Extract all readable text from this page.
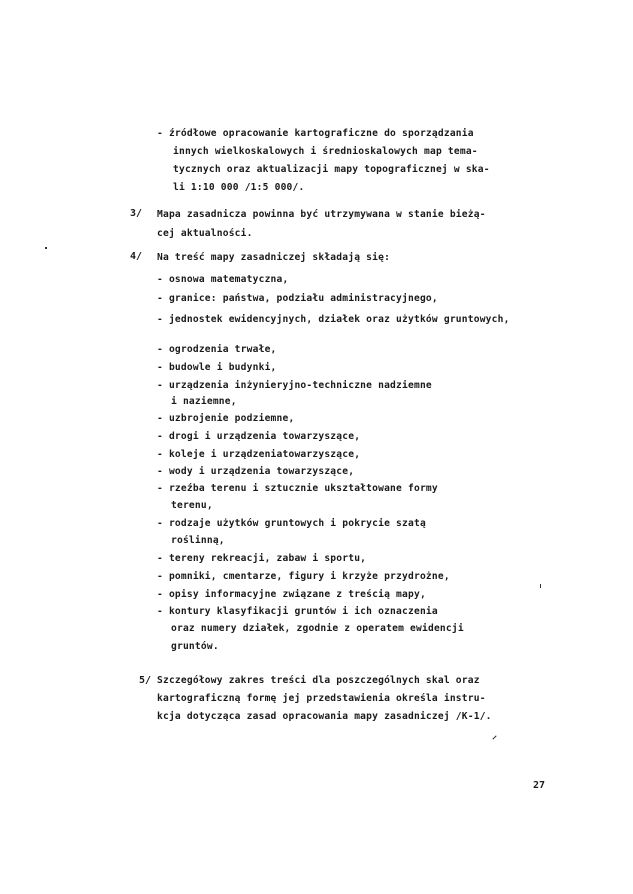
- źródłowe opracowanie kartograficzne do sporządzania
innych wielkoskalowych i średnioskalowych map tema-
tycznych oraz aktualizacji mapy topograficznej w ska-
li 1:10 000 /1:5 000/.
3/ Mapa zasadnicza powinna być utrzymywana w stanie bieżą-
cej aktualności.
4/ Na treść mapy zasadniczej składają się:
- osnowa matematyczna,
- granice: państwa, podziału administracyjnego,
- jednostek ewidencyjnych, działek oraz użytków gruntowych,
- ogrodzenia trwałe,
- budowle i budynki,
- urządzenia inżynieryjno-techniczne nadziemne
i naziemne,
- uzbrojenie podziemne,
- drogi i urządzenia towarzyszące,
- koleje i urządzeniatowarzyszące,
- wody i urządzenia towarzyszące,
- rzeźba terenu i sztucznie ukształtowane formy
terenu,
- rodzaje użytków gruntowych i pokrycie szatą
roślinną,
- tereny rekreacji, zabaw i sportu,
- pomniki, cmentarze, figury i krzyże przydrożne,
- opisy informacyjne związane z treścią mapy,
- kontury klasyfikacji gruntów i ich oznaczenia
oraz numery działek, zgodnie z operatem ewidencji
gruntów.
5/ Szczegółowy zakres treści dla poszczególnych skal oraz
kartograficzną formę jej przedstawienia określa instru-
kcja dotycząca zasad opracowania mapy zasadniczej /K-1/.
27
